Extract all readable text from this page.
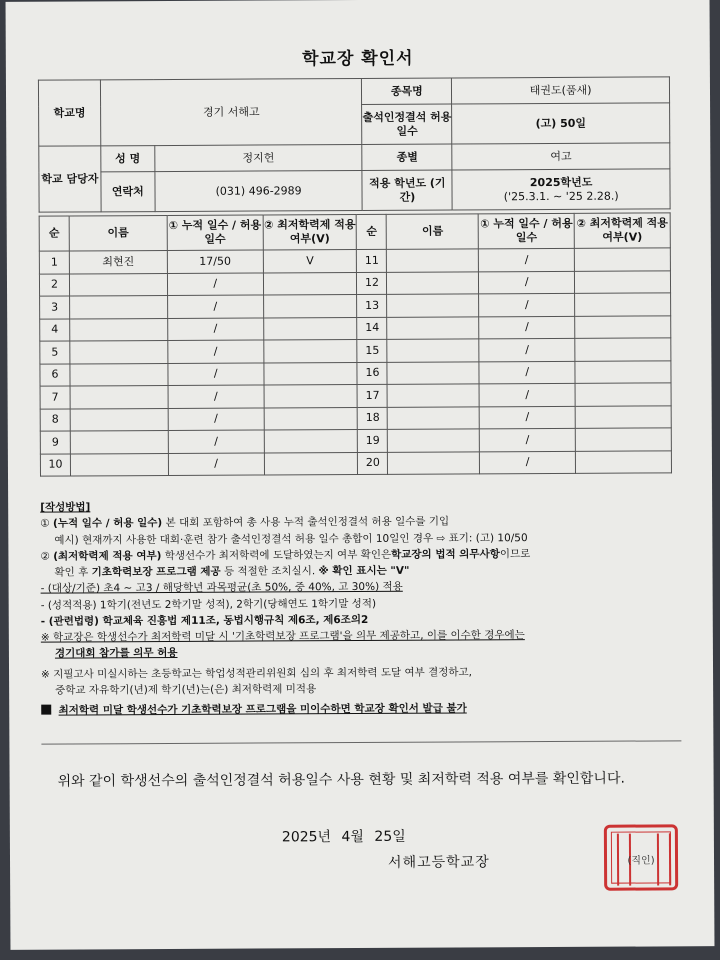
학교장 확인서
학교명	경기 서해고		종목명	태권도(품새)
			출석인정결석 허용 일수	(고) 50일
학교 담당자	성 명	정지헌	종별	여고
	연락처	(031) 496-2989	적용 학년도 (기간)	2025학년도
('25.3.1. ~ '25 2.28.)
순	이름	① 누적 일수 / 허용 일수	② 최저학력제 적용 여부(V)	순	이름	① 누적 일수 / 허용 일수	② 최저학력제 적용 여부(V)
1	최현진	17/50	V	11		/	
2		/		12		/	
3		/		13		/	
4		/		14		/	
5		/		15		/	
6		/		16		/	
7		/		17		/	
8		/		18		/	
9		/		19		/	
10		/		20		/	
[작성방법]
① (누적 일수 / 허용 일수) 본 대회 포함하여 총 사용 누적 출석인정결석 허용 일수를 기입
예시) 현재까지 사용한 대회·훈련 참가 출석인정결석 허용 일수 총합이 10일인 경우 ⇨ 표기: (고) 10/50
② (최저학력제 적용 여부) 학생선수가 최저학력에 도달하였는지 여부 확인은학교장의 법적 의무사항이므로
확인 후 기초학력보장 프로그램 제공 등 적절한 조치실시. ※ 확인 표시는 "V"
- (대상/기준) 초4 ~ 고3 / 해당학년 과목평균(초 50%, 중 40%, 고 30%) 적용
- (성적적용) 1학기(전년도 2학기말 성적), 2학기(당해연도 1학기말 성적)
- (관련법령) 학교체육 진흥법 제11조, 동법시행규칙 제6조, 제6조의2
※ 학교장은 학생선수가 최저학력 미달 시 '기초학력보장 프로그램'을 의무 제공하고, 이를 이수한 경우에는
경기대회 참가를 의무 허용
※ 지필고사 미실시하는 초등학교는 학업성적관리위원회 심의 후 최저학력 도달 여부 결정하고,
중학교 자유학기(년)제 학기(년)는(은) 최저학력제 미적용
최저학력 미달 학생선수가 기초학력보장 프로그램을 미이수하면 학교장 확인서 발급 불가
위와 같이 학생선수의 출석인정결석 허용일수 사용 현황 및 최저학력 적용 여부를 확인합니다.
2025년 4월 25일
서해고등학교장	(직인)
